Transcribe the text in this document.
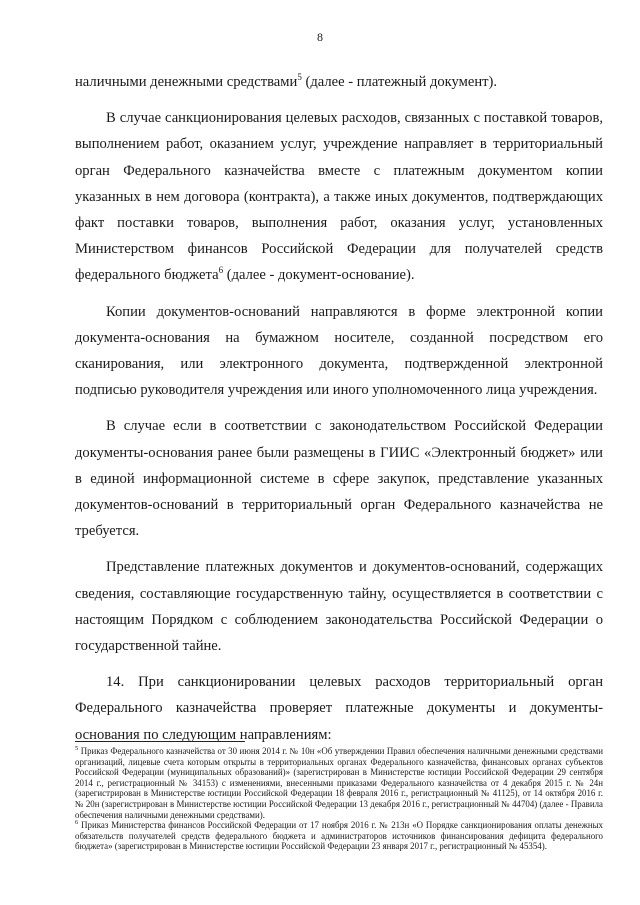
8

наличными денежными средствами$^5$ (далее - платежный документ).

В случае санкционирования целевых расходов, связанных с поставкой товаров, выполнением работ, оказанием услуг, учреждение направляет в территориальный орган Федерального казначейства вместе с платежным документом копии указанных в нем договора (контракта), а также иных документов, подтверждающих факт поставки товаров, выполнения работ, оказания услуг, установленных Министерством финансов Российской Федерации для получателей средств федерального бюджета$^6$ (далее - документ-основание).

Копии документов-оснований направляются в форме электронной копии документа-основания на бумажном носителе, созданной посредством его сканирования, или электронного документа, подтвержденной электронной подписью руководителя учреждения или иного уполномоченного лица учреждения.

В случае если в соответствии с законодательством Российской Федерации документы-основания ранее были размещены в ГИИС «Электронный бюджет» или в единой информационной системе в сфере закупок, представление указанных документов-оснований в территориальный орган Федерального казначейства не требуется.

Представление платежных документов и документов-оснований, содержащих сведения, составляющие государственную тайну, осуществляется в соответствии с настоящим Порядком с соблюдением законодательства Российской Федерации о государственной тайне.

14. При санкционировании целевых расходов территориальный орган Федерального казначейства проверяет платежные документы и документы-основания по следующим направлениям:

$^5$ Приказ Федерального казначейства от 30 июня 2014 г. № 10н «Об утверждении Правил обеспечения наличными денежными средствами организаций, лицевые счета которым открыты в территориальных органах Федерального казначейства, финансовых органах субъектов Российской Федерации (муниципальных образований)» (зарегистрирован в Министерстве юстиции Российской Федерации 29 сентября 2014 г., регистрационный № 34153) с изменениями, внесенными приказами Федерального казначейства от 4 декабря 2015 г. № 24н (зарегистрирован в Министерстве юстиции Российской Федерации 18 февраля 2016 г., регистрационный № 41125), от 14 октября 2016 г. № 20н (зарегистрирован в Министерстве юстиции Российской Федерации 13 декабря 2016 г., регистрационный № 44704) (далее - Правила обеспечения наличными денежными средствами).

$^6$ Приказ Министерства финансов Российской Федерации от 17 ноября 2016 г. № 213н «О Порядке санкционирования оплаты денежных обязательств получателей средств федерального бюджета и администраторов источников финансирования дефицита федерального бюджета» (зарегистрирован в Министерстве юстиции Российской Федерации 23 января 2017 г., регистрационный № 45354).
